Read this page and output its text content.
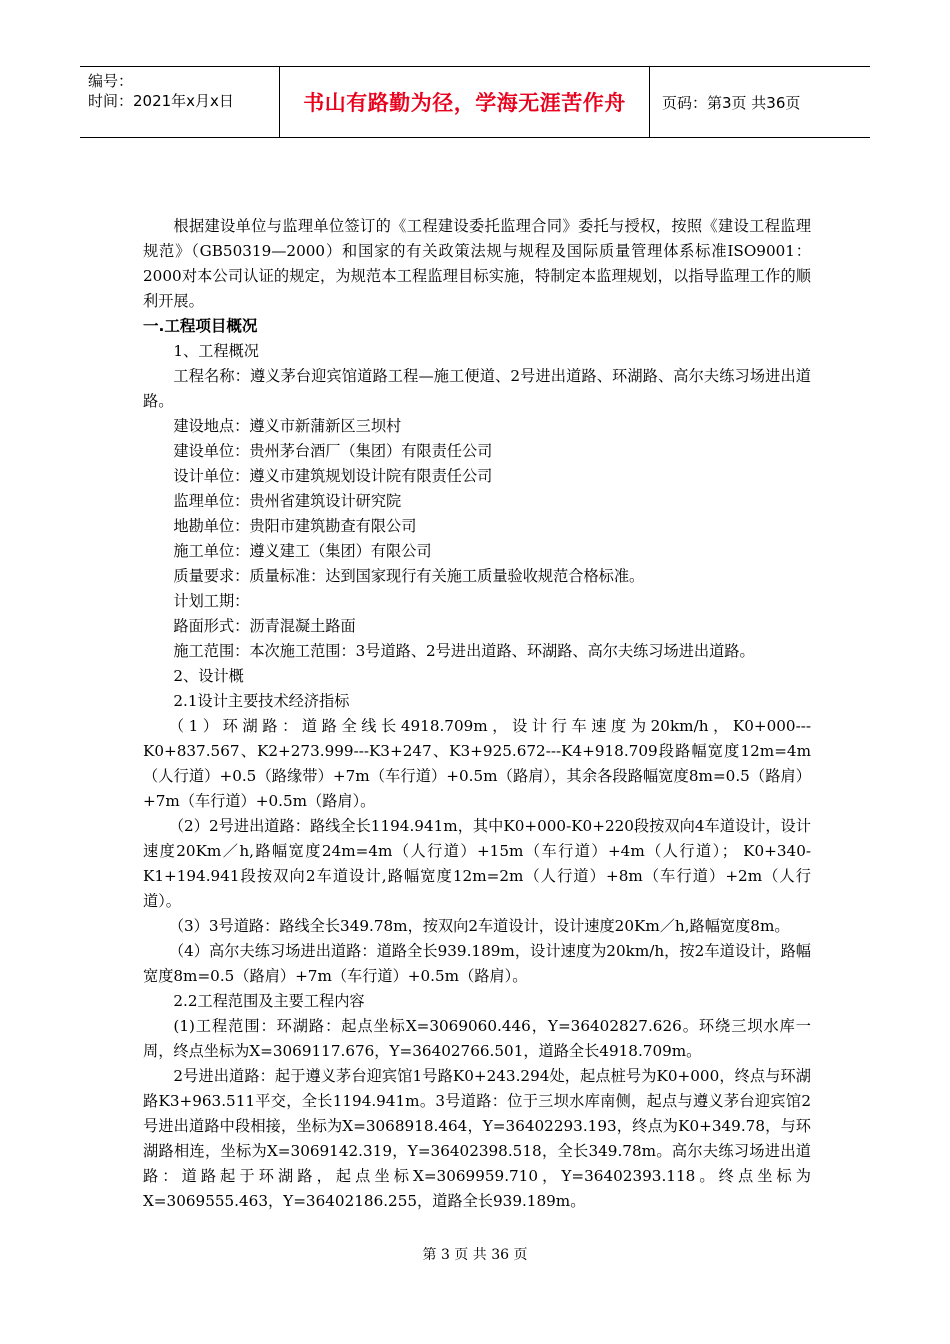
编号：
时间：2021年x月x日	书山有路勤为径，学海无涯苦作舟	页码：第3页 共36页

根据建设单位与监理单位签订的《工程建设委托监理合同》委托与授权，按照《建设工程监理规范》（GB50319—2000）和国家的有关政策法规与规程及国际质量管理体系标准ISO9001：2000对本公司认证的规定，为规范本工程监理目标实施，特制定本监理规划，以指导监理工作的顺利开展。

一.工程项目概况

1、工程概况

工程名称：遵义茅台迎宾馆道路工程—施工便道、2号进出道路、环湖路、高尔夫练习场进出道路。

建设地点：遵义市新蒲新区三坝村

建设单位：贵州茅台酒厂（集团）有限责任公司

设计单位：遵义市建筑规划设计院有限责任公司

监理单位：贵州省建筑设计研究院

地勘单位：贵阳市建筑勘查有限公司

施工单位：遵义建工（集团）有限公司

质量要求：质量标准：达到国家现行有关施工质量验收规范合格标准。

计划工期：

路面形式：沥青混凝土路面

施工范围：本次施工范围：3号道路、2号进出道路、环湖路、高尔夫练习场进出道路。

2、设计概

2.1设计主要技术经济指标

（1）环湖路：道路全线长4918.709m，设计行车速度为20km/h，K0+000---K0+837.567、K2+273.999---K3+247、K3+925.672---K4+918.709段路幅宽度12m=4m（人行道）+0.5（路缘带）+7m（车行道）+0.5m（路肩），其余各段路幅宽度8m=0.5（路肩）+7m（车行道）+0.5m（路肩）。

（2）2号进出道路：路线全长1194.941m，其中K0+000-K0+220段按双向4车道设计，设计速度20Km／h,路幅宽度24m=4m（人行道）+15m（车行道）+4m（人行道）； K0+340-K1+194.941段按双向2车道设计,路幅宽度12m=2m（人行道）+8m（车行道）+2m（人行道）。

（3）3号道路：路线全长349.78m，按双向2车道设计，设计速度20Km／h,路幅宽度8m。

（4）高尔夫练习场进出道路：道路全长939.189m，设计速度为20km/h，按2车道设计，路幅宽度8m=0.5（路肩）+7m（车行道）+0.5m（路肩）。

2.2工程范围及主要工程内容

(1)工程范围：环湖路：起点坐标X=3069060.446，Y=36402827.626。环绕三坝水库一周，终点坐标为X=3069117.676，Y=36402766.501，道路全长4918.709m。

2号进出道路：起于遵义茅台迎宾馆1号路K0+243.294处，起点桩号为K0+000，终点与环湖路K3+963.511平交，全长1194.941m。3号道路：位于三坝水库南侧，起点与遵义茅台迎宾馆2号进出道路中段相接，坐标为X=3068918.464，Y=36402293.193，终点为K0+349.78，与环湖路相连，坐标为X=3069142.319，Y=36402398.518，全长349.78m。高尔夫练习场进出道路：道路起于环湖路，起点坐标X=3069959.710，Y=36402393.118。终点坐标为X=3069555.463，Y=36402186.255，道路全长939.189m。

第 3 页 共 36 页
